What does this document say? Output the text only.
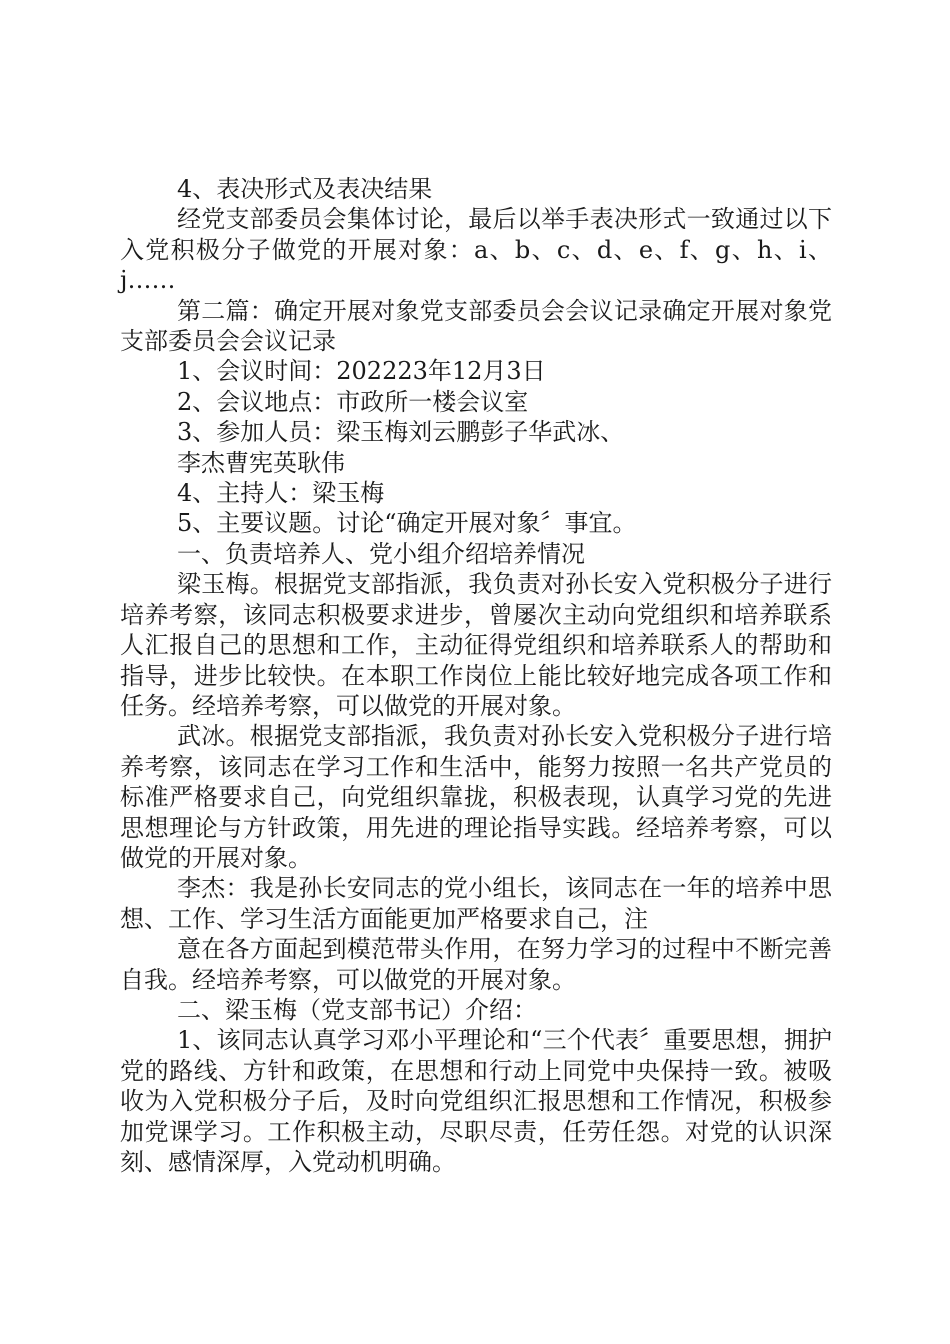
4、表决形式及表决结果

经党支部委员会集体讨论，最后以举手表决形式一致通过以下入党积极分子做党的开展对象：a、b、c、d、e、f、g、h、i、j……

第二篇：确定开展对象党支部委员会会议记录确定开展对象党支部委员会会议记录

1、会议时间：202223年12月3日

2、会议地点：市政所一楼会议室

3、参加人员：梁玉梅刘云鹏彭子华武冰、

李杰曹宪英耿伟

4、主持人：梁玉梅

5、主要议题。讨论“确定开展对象〞事宜。

一、负责培养人、党小组介绍培养情况

梁玉梅。根据党支部指派，我负责对孙长安入党积极分子进行培养考察，该同志积极要求进步，曾屡次主动向党组织和培养联系人汇报自己的思想和工作，主动征得党组织和培养联系人的帮助和指导，进步比较快。在本职工作岗位上能比较好地完成各项工作和任务。经培养考察，可以做党的开展对象。

武冰。根据党支部指派，我负责对孙长安入党积极分子进行培养考察，该同志在学习工作和生活中，能努力按照一名共产党员的标准严格要求自己，向党组织靠拢，积极表现，认真学习党的先进思想理论与方针政策，用先进的理论指导实践。经培养考察，可以做党的开展对象。

李杰：我是孙长安同志的党小组长，该同志在一年的培养中思想、工作、学习生活方面能更加严格要求自己，注

意在各方面起到模范带头作用，在努力学习的过程中不断完善自我。经培养考察，可以做党的开展对象。

二、梁玉梅（党支部书记）介绍：

1、该同志认真学习邓小平理论和“三个代表〞重要思想，拥护党的路线、方针和政策，在思想和行动上同党中央保持一致。被吸收为入党积极分子后，及时向党组织汇报思想和工作情况，积极参加党课学习。工作积极主动，尽职尽责，任劳任怨。对党的认识深刻、感情深厚，入党动机明确。
